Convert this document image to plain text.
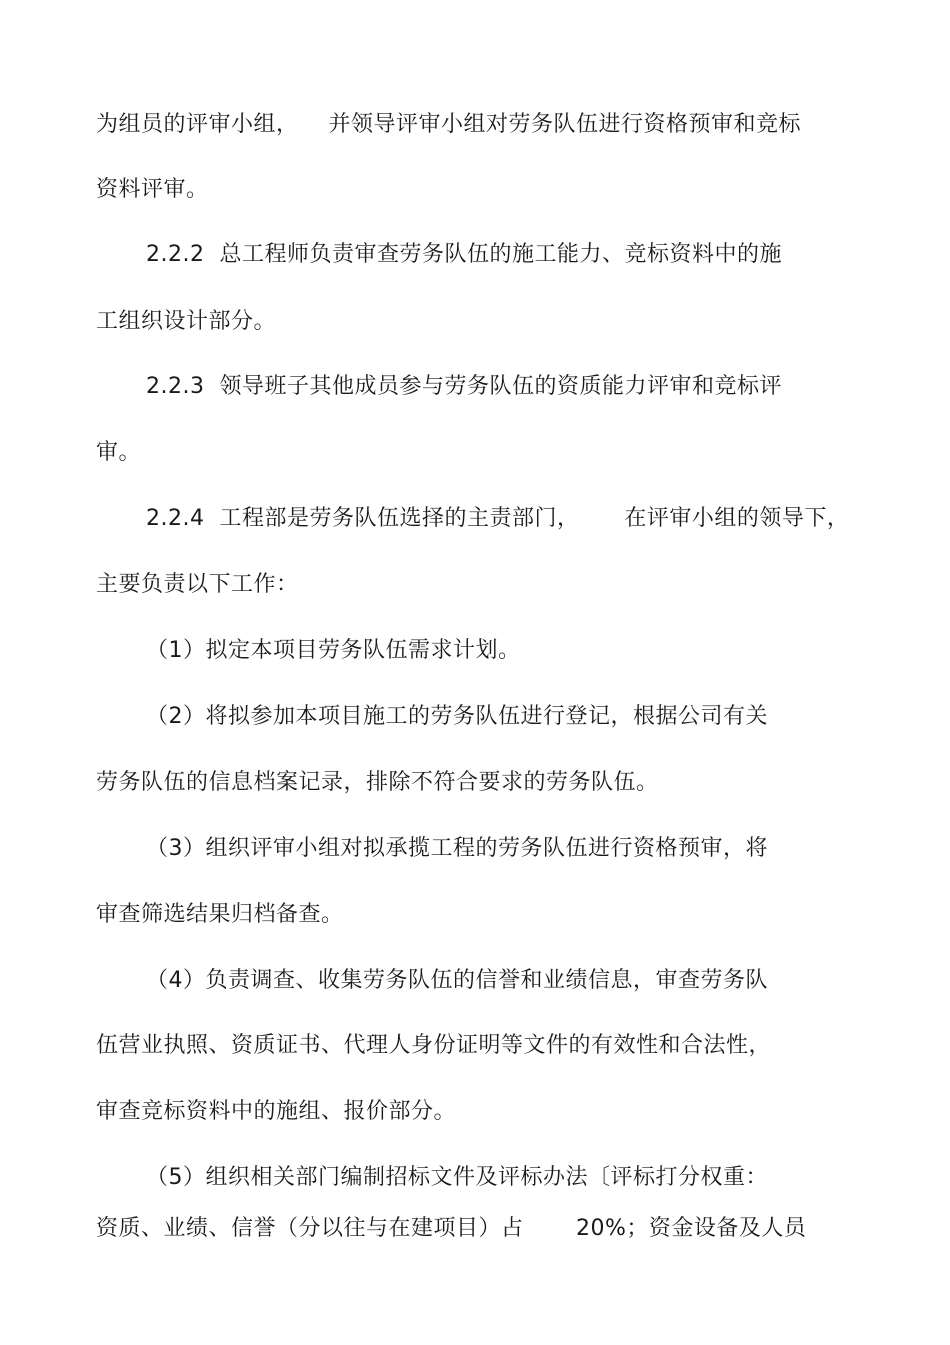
为组员的评审小组，    并领导评审小组对劳务队伍进行资格预审和竞标
资料评审。
2.2.2  总工程师负责审查劳务队伍的施工能力、竞标资料中的施
工组织设计部分。
2.2.3  领导班子其他成员参与劳务队伍的资质能力评审和竞标评
审。
2.2.4  工程部是劳务队伍选择的主责部门，      在评审小组的领导下，
主要负责以下工作：
（1）拟定本项目劳务队伍需求计划。
（2）将拟参加本项目施工的劳务队伍进行登记，根据公司有关
劳务队伍的信息档案记录，排除不符合要求的劳务队伍。
（3）组织评审小组对拟承揽工程的劳务队伍进行资格预审，将
审查筛选结果归档备查。
（4）负责调查、收集劳务队伍的信誉和业绩信息，审查劳务队
伍营业执照、资质证书、代理人身份证明等文件的有效性和合法性，
审查竞标资料中的施组、报价部分。
（5）组织相关部门编制招标文件及评标办法〔评标打分权重：
资质、业绩、信誉（分以往与在建项目）占       20%；资金设备及人员
